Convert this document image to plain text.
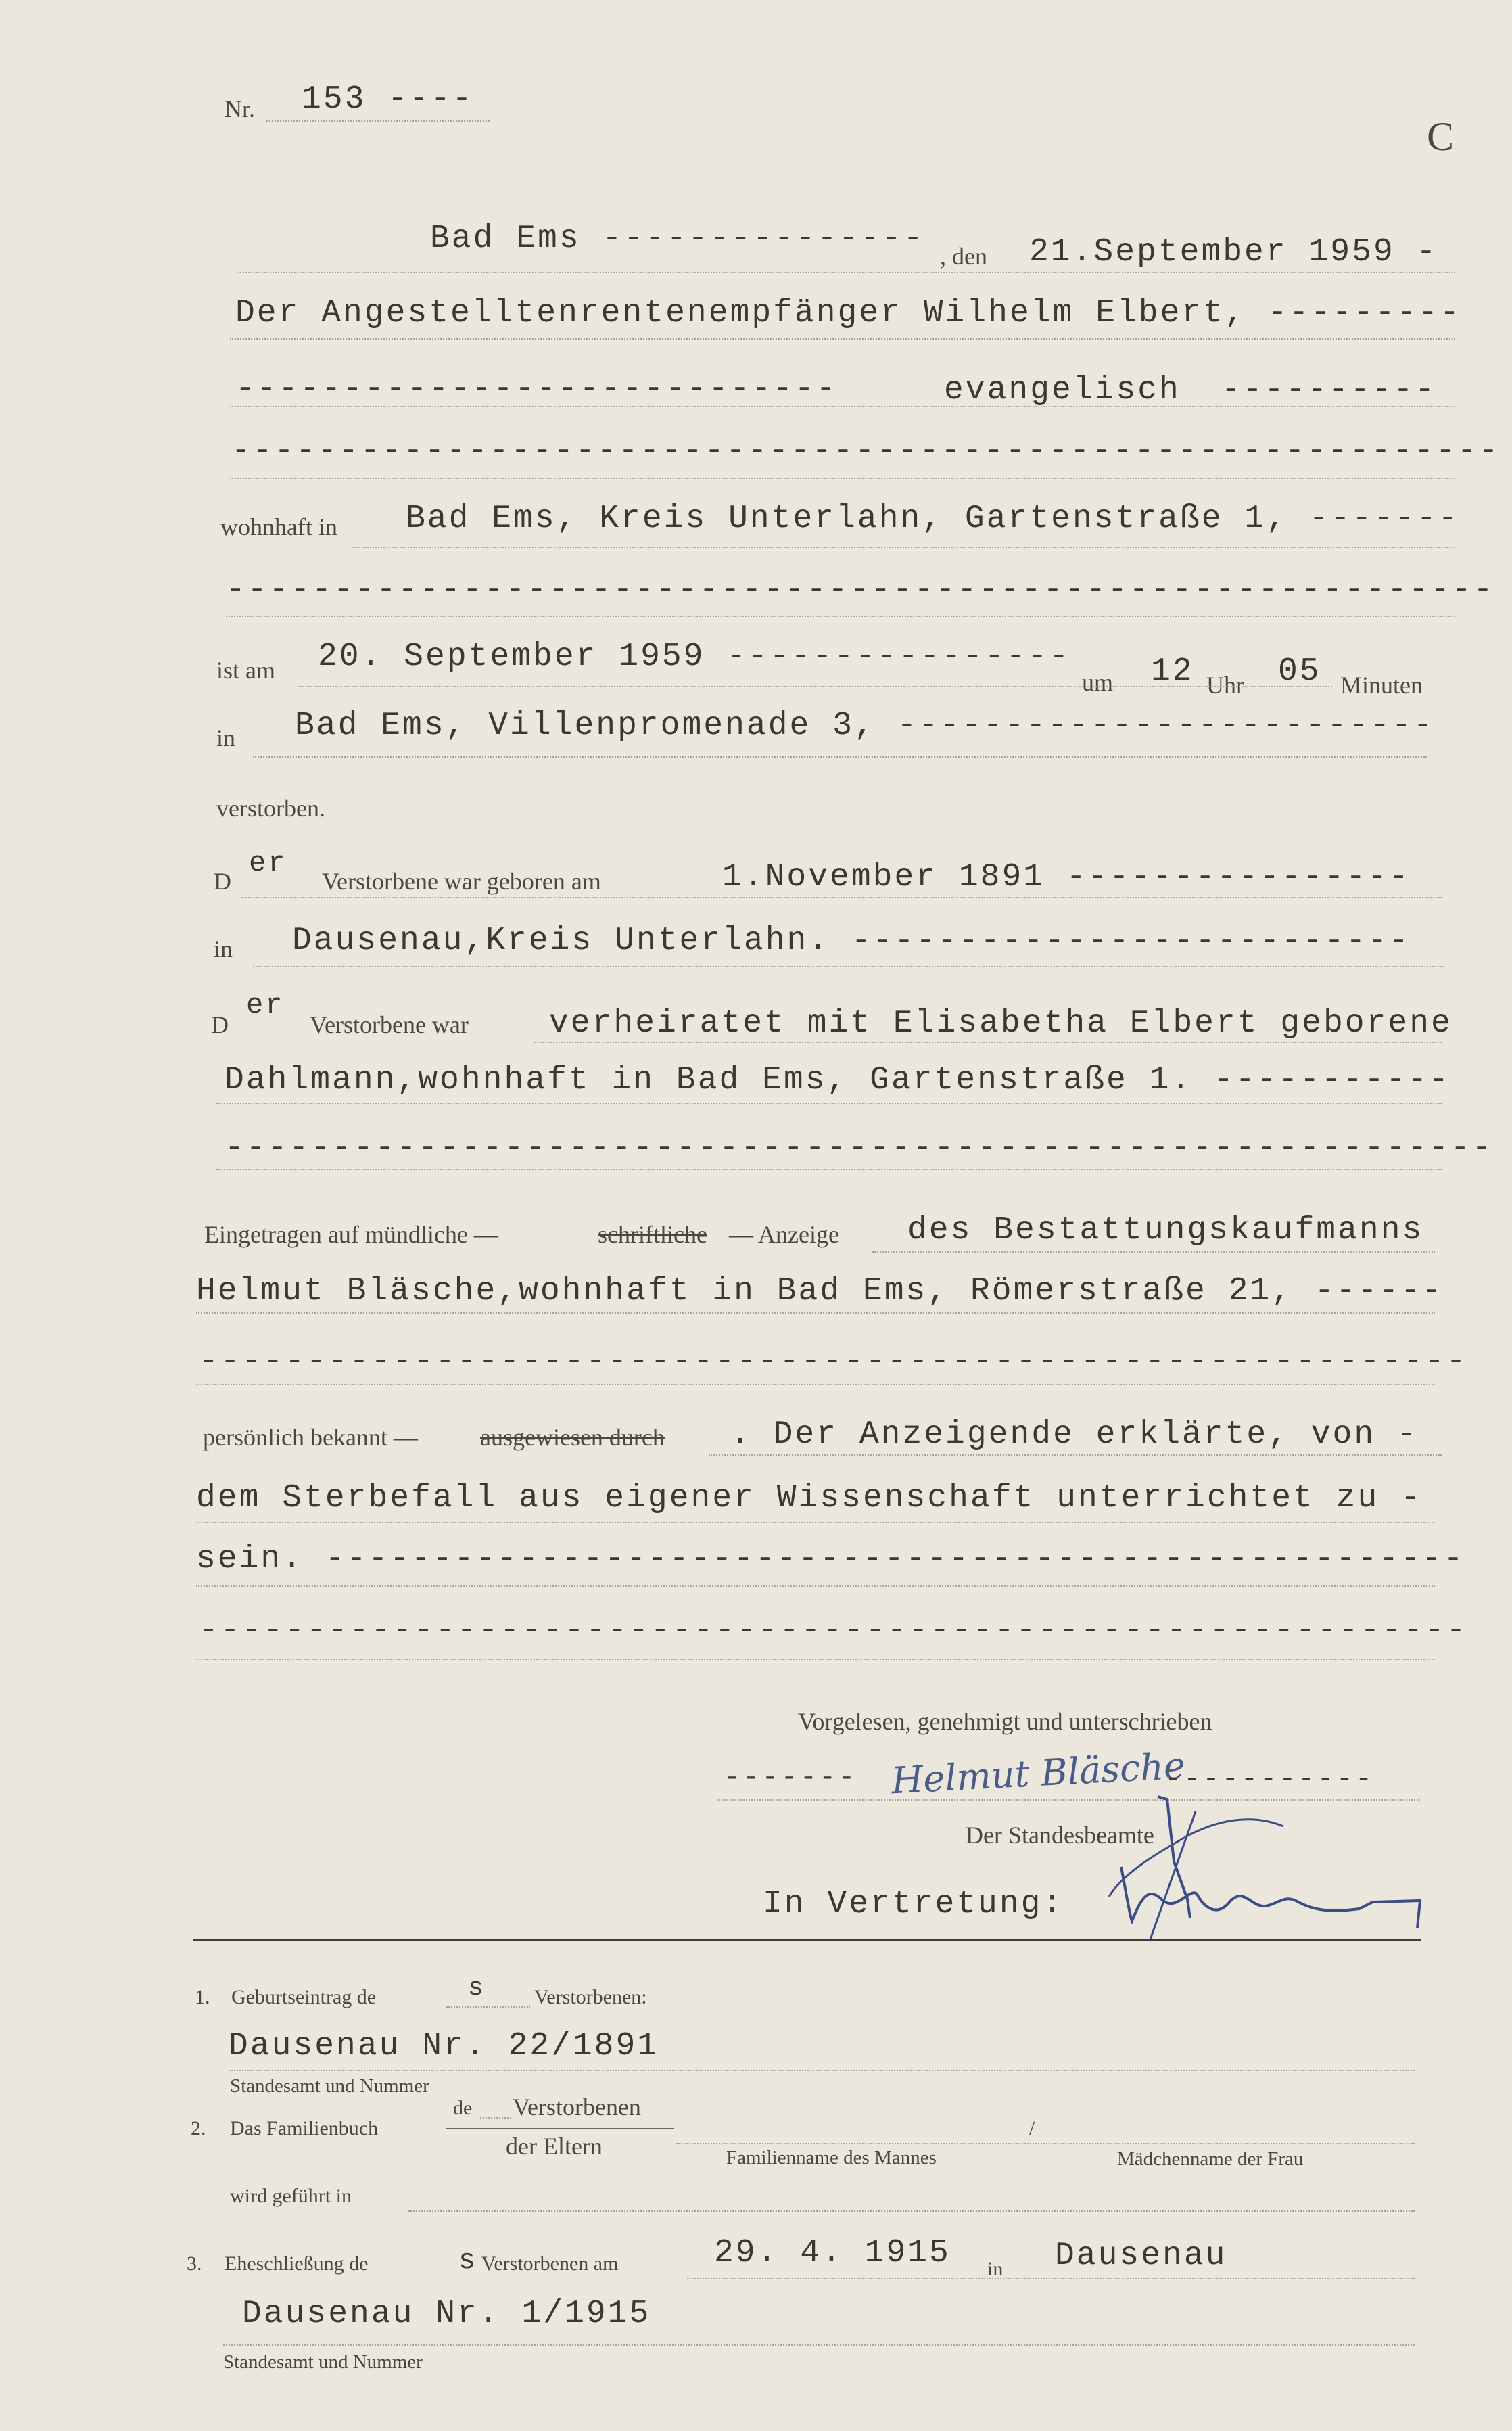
Nr. 153 ----
C
Bad Ems --------------- , den 21.September 1959 -
Der Angestelltenrentenempfänger Wilhelm Elbert, ---------
----------------------------	evangelisch ----------
-----------------------------------------------------------
wohnhaft in Bad Ems, Kreis Unterlahn, Gartenstraße 1, -------
-----------------------------------------------------------
ist am 20. September 1959 ----------------
um 12 Uhr 05 Minuten
in Bad Ems, Villenpromenade 3, -------------------------
verstorben.
D
er
Verstorbene war geboren am	1.November 1891 ----------------
in Dausenau,Kreis Unterlahn. --------------------------
D
er
Verstorbene war verheiratet mit Elisabetha Elbert geborene
Dahlmann,wohnhaft in Bad Ems, Gartenstraße 1. -----------
-----------------------------------------------------------
Eingetragen auf mündliche —	schriftliche — Anzeige des Bestattungskaufmanns
Helmut Bläsche,wohnhaft in Bad Ems, Römerstraße 21, ------
-----------------------------------------------------------
persönlich bekannt —	ausgewiesen durch . Der Anzeigende erklärte, von -
dem Sterbefall aus eigener Wissenschaft unterrichtet zu -
sein. -----------------------------------------------------
-----------------------------------------------------------
Vorgelesen, genehmigt und unterschrieben
------- Helmut Bläsche
-----------
Der Standesbeamte
In Vertretung:
1. Geburtseintrag de	s Verstorbenen:
Dausenau Nr. 22/1891
Standesamt und Nummer
2. Das Familienbuch
de Verstorbenen
der Eltern
/
Familienname des Mannes	Mädchenname der Frau
wird geführt in
3. Eheschließung de	s Verstorbenen am	29. 4. 1915 in Dausenau
Dausenau Nr. 1/1915
Standesamt und Nummer
